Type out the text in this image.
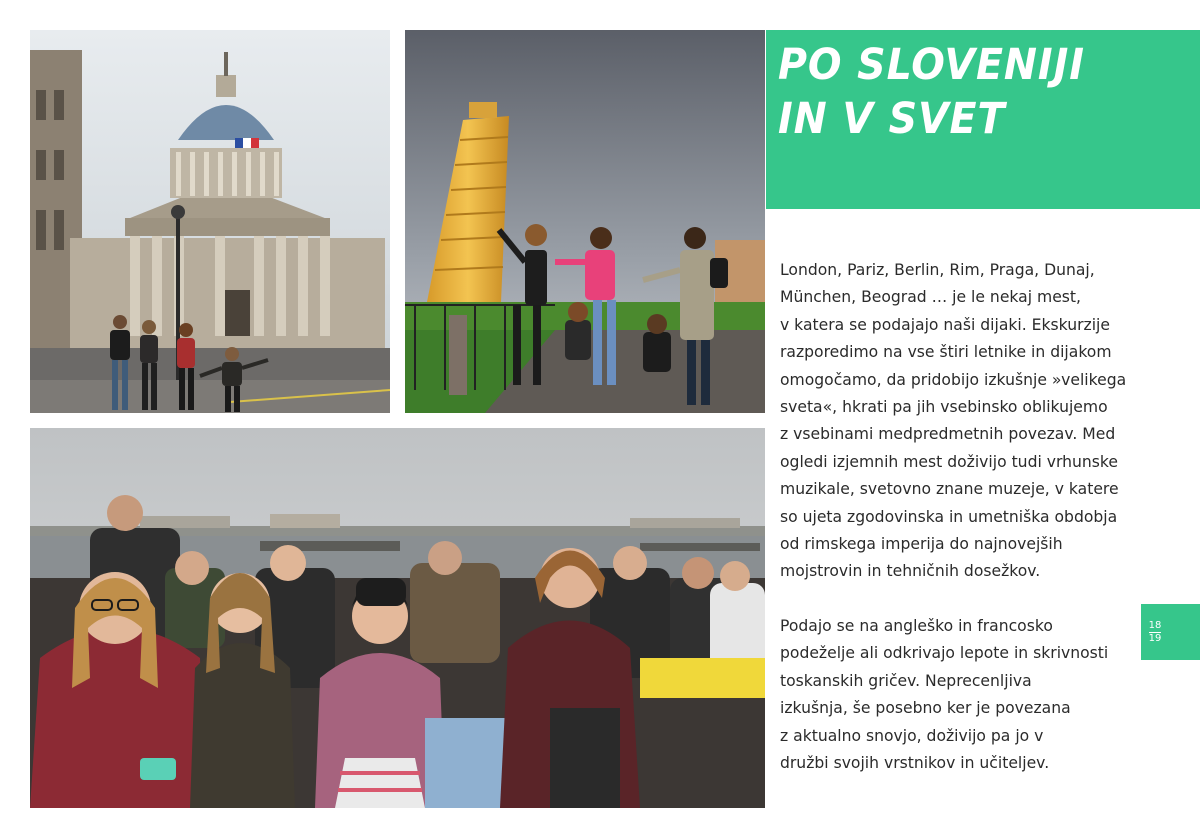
PO SLOVENIJI
IN V SVET

London, Pariz, Berlin, Rim, Praga, Dunaj,
München, Beograd … je le nekaj mest,
v katera se podajajo naši dijaki. Ekskurzije
razporedimo na vse štiri letnike in dijakom
omogočamo, da pridobijo izkušnje »velikega
sveta«, hkrati pa jih vsebinsko oblikujemo
z vsebinami medpredmetnih povezav. Med
ogledi izjemnih mest doživijo tudi vrhunske
muzikale, svetovno znane muzeje, v katere
so ujeta zgodovinska in umetniška obdobja
od rimskega imperija do najnovejših
mojstrovin in tehničnih dosežkov.

Podajo se na angleško in francosko
podeželje ali odkrivajo lepote in skrivnosti
toskanskih gričev. Neprecenljiva
izkušnja, še posebno ker je povezana
z aktualno snovjo, doživijo pa jo v
družbi svojih vrstnikov in učiteljev.

18
19
